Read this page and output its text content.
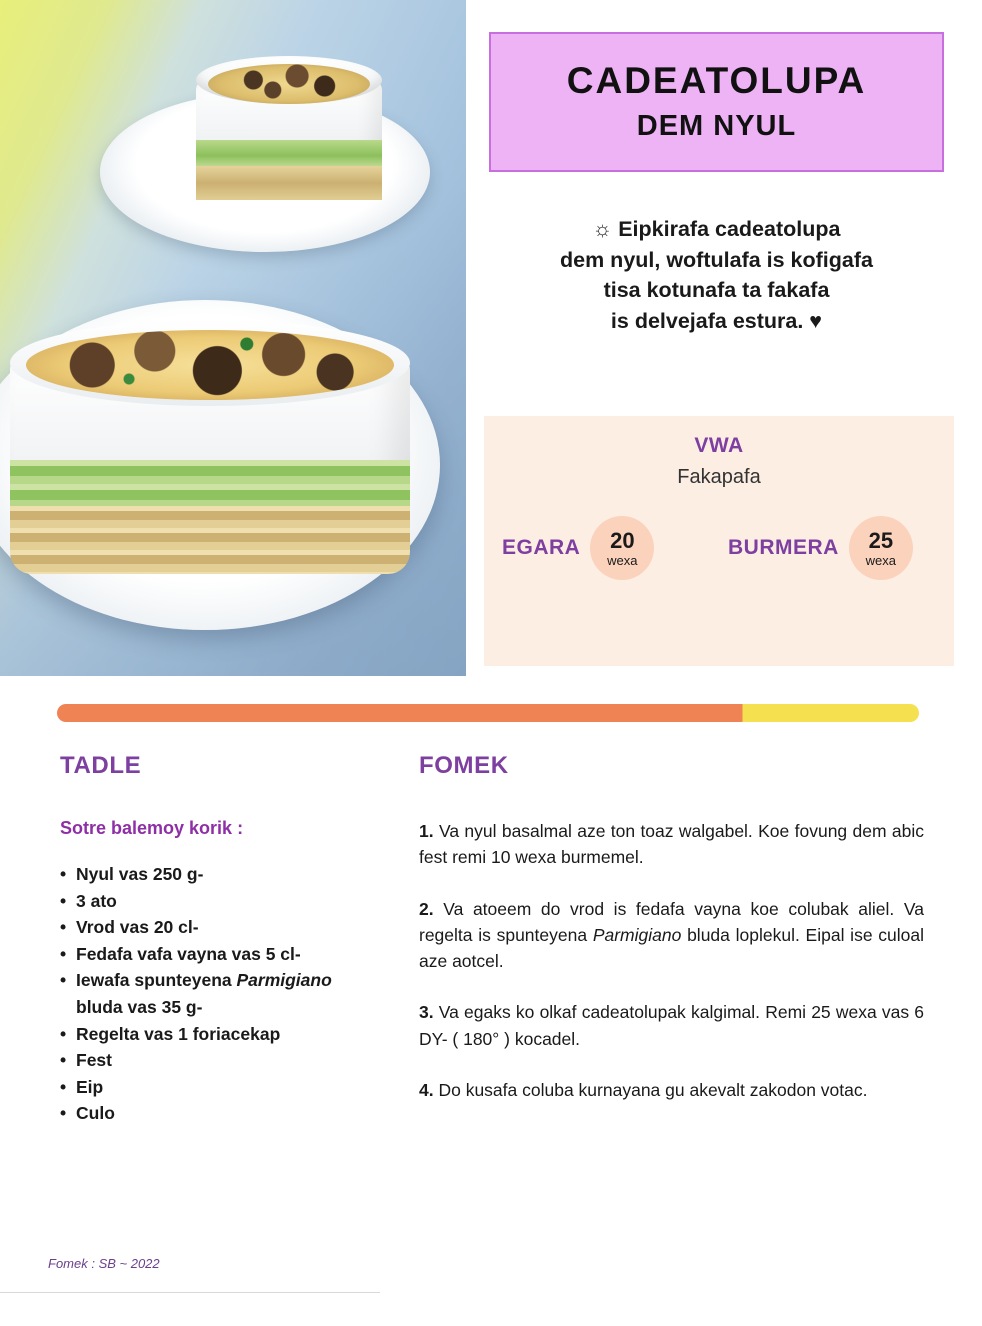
CADEATOLUPA
DEM NYUL
☼ Eipkirafa cadeatolupa
dem nyul, woftulafa is kofigafa
tisa kotunafa ta fakafa
is delvejafa estura. ♥
VWA
Fakapafa
EGARA 20
wexa
BURMERA 25
wexa
TADLE
Sotre balemoy korik :
• Nyul vas 250 g-
• 3 ato
• Vrod vas 20 cl-
• Fedafa vafa vayna vas 5 cl-
• Iewafa spunteyena Parmigiano
bluda vas 35 g-
• Regelta vas 1 foriacekap
• Fest
• Eip
• Culo
FOMEK

1. Va nyul basalmal aze ton toaz walgabel. Koe fovung dem abic fest remi 10 wexa burmemel.

2. Va atoeem do vrod is fedafa vayna koe colubak aliel. Va regelta is spunteyena Parmigiano bluda loplekul. Eipal ise culoal aze aotcel.

3. Va egaks ko olkaf cadeatolupak kalgimal. Remi 25 wexa vas 6 DY- ( 180° ) kocadel.

4. Do kusafa coluba kurnayana gu akevalt zakodon votac.

Fomek : SB ~ 2022
